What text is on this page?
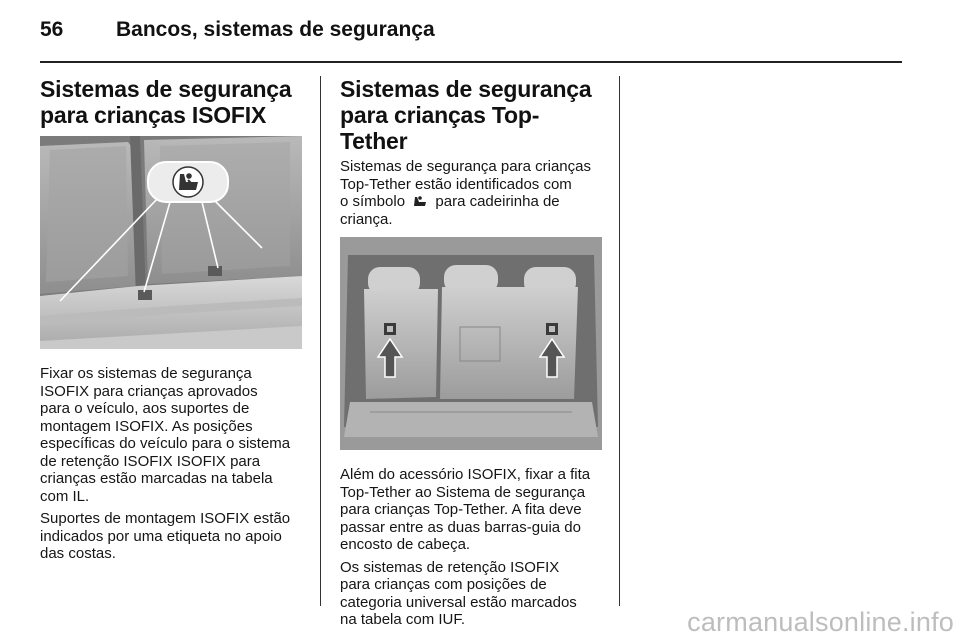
56	Bancos, sistemas de segurança
Sistemas de segurança
para crianças ISOFIX

Fixar os sistemas de segurança
ISOFIX para crianças aprovados
para o veículo, aos suportes de
montagem ISOFIX. As posições
específicas do veículo para o sistema
de retenção ISOFIX ISOFIX para
crianças estão marcadas na tabela
com IL.

Suportes de montagem ISOFIX estão
indicados por uma etiqueta no apoio
das costas.

Sistemas de segurança
para crianças Top-Tether

Sistemas de segurança para crianças
Top-Tether estão identificados com
o símbolo para cadeirinha de
criança.

Além do acessório ISOFIX, fixar a fita
Top-Tether ao Sistema de segurança
para crianças Top-Tether. A fita deve
passar entre as duas barras-guia do
encosto de cabeça.

Os sistemas de retenção ISOFIX
para crianças com posições de
categoria universal estão marcados
na tabela com IUF.	carmanualsonline.info
